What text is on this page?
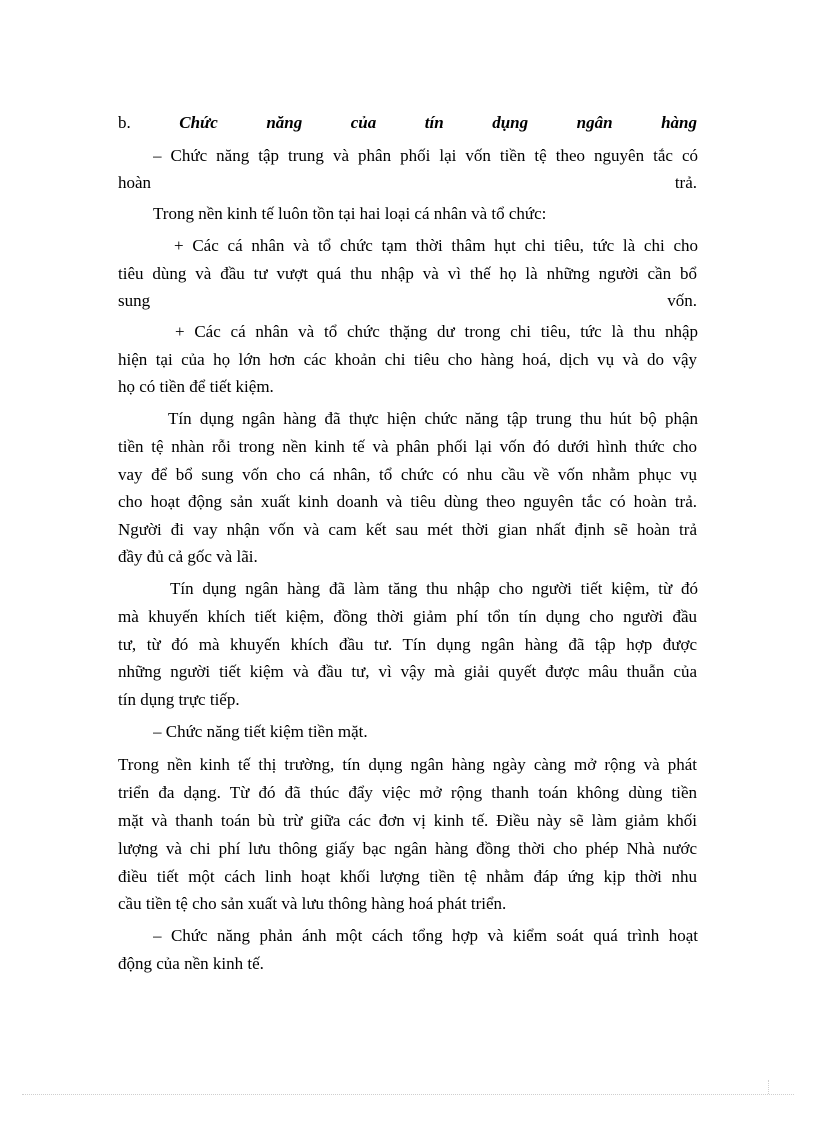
b.	Chức	năng	của	tín	dụng	ngân	hàng
– Chức năng tập trung và phân phối lại vốn tiền tệ theo nguyên tắc có
hoàn	trả.
Trong nền kinh tế luôn tồn tại hai loại cá nhân và tổ chức:
+ Các cá nhân và tổ chức tạm thời thâm hụt chi tiêu, tức là chi cho
tiêu dùng và đầu tư vượt quá thu nhập và vì thế họ là những người cần bổ
sung	vốn.
+ Các cá nhân và tổ chức thặng dư trong chi tiêu, tức là thu nhập
hiện tại của họ lớn hơn các khoản chi tiêu cho hàng hoá, dịch vụ và do vậy
họ có tiền để tiết kiệm.
Tín dụng ngân hàng đã thực hiện chức năng tập trung thu hút bộ phận
tiền tệ nhàn rỗi trong nền kinh tế và phân phối lại vốn đó dưới hình thức cho
vay để bổ sung vốn cho cá nhân, tổ chức có nhu cầu về vốn nhằm phục vụ
cho hoạt động sản xuất kinh doanh và tiêu dùng theo nguyên tắc có hoàn trả.
Người đi vay nhận vốn và cam kết sau mét thời gian nhất định sẽ hoàn trả
đầy đủ cả gốc và lãi.
Tín dụng ngân hàng đã làm tăng thu nhập cho người tiết kiệm, từ đó
mà khuyến khích tiết kiệm, đồng thời giảm phí tổn tín dụng cho người đầu
tư, từ đó mà khuyến khích đầu tư. Tín dụng ngân hàng đã tập hợp được
những người tiết kiệm và đầu tư, vì vậy mà giải quyết được mâu thuẫn của
tín dụng trực tiếp.
– Chức năng tiết kiệm tiền mặt.
Trong nền kinh tế thị trường, tín dụng ngân hàng ngày càng mở rộng và phát
triển đa dạng. Từ đó đã thúc đẩy việc mở rộng thanh toán không dùng tiền
mặt và thanh toán bù trừ giữa các đơn vị kinh tế. Điều này sẽ làm giảm khối
lượng và chi phí lưu thông giấy bạc ngân hàng đồng thời cho phép Nhà nước
điều tiết một cách linh hoạt khối lượng tiền tệ nhằm đáp ứng kịp thời nhu
cầu tiền tệ cho sản xuất và lưu thông hàng hoá phát triển.
– Chức năng phản ánh một cách tổng hợp và kiểm soát quá trình hoạt
động của nền kinh tế.
